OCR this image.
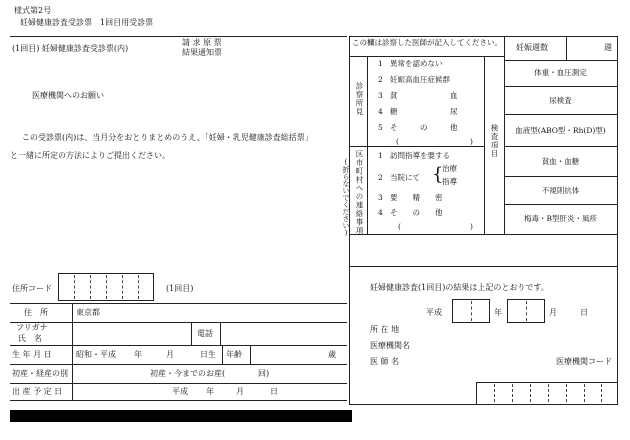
様式第2号
妊婦健康診査受診票　1回目用受診票
(1回目) 妊婦健康診査受診票(内)
請 求 原 票
結果通知票
医療機関へのお願い
この受診票(内)は、当月分をおとりまとめのうえ、「妊婦・乳児健康診査総括票」
と一緒に所定の方法によりご提出ください。
住所コード	(1回目)
住　所	東京都
フリガナ
氏　名
電話
生 年 月 日	昭和・平成 年	月	日生 年齢	歳
初産・経産の別	初産・今までのお産(	回)
出 産 予 定 日	平成 年	月	日
この欄は診察した医師が記入してください。
妊娠週数	週
診察所見
1 異常を認めない
2 妊娠高血圧症候群
3 貧　　　　　　　血
4 糖　　　　　　　尿
5 そ　　　の　　　他
(	)
区市町村への連絡事項 1 訪問指導を要する
2 当院にて {
治療
指導
3 要　　精　　密
4 そ　　の　　他
(	)
(折らないでください)
検査項目
体重・血圧測定
尿検査
血液型(ABO型・Rh(D)型)
貧血・血糖
不規則抗体
梅毒・B型肝炎・風疹
妊婦健康診査(1回目)の結果は上記のとおりです。
平成	年	月	日
所 在 地
医療機関名
医 師 名	医療機関コード
